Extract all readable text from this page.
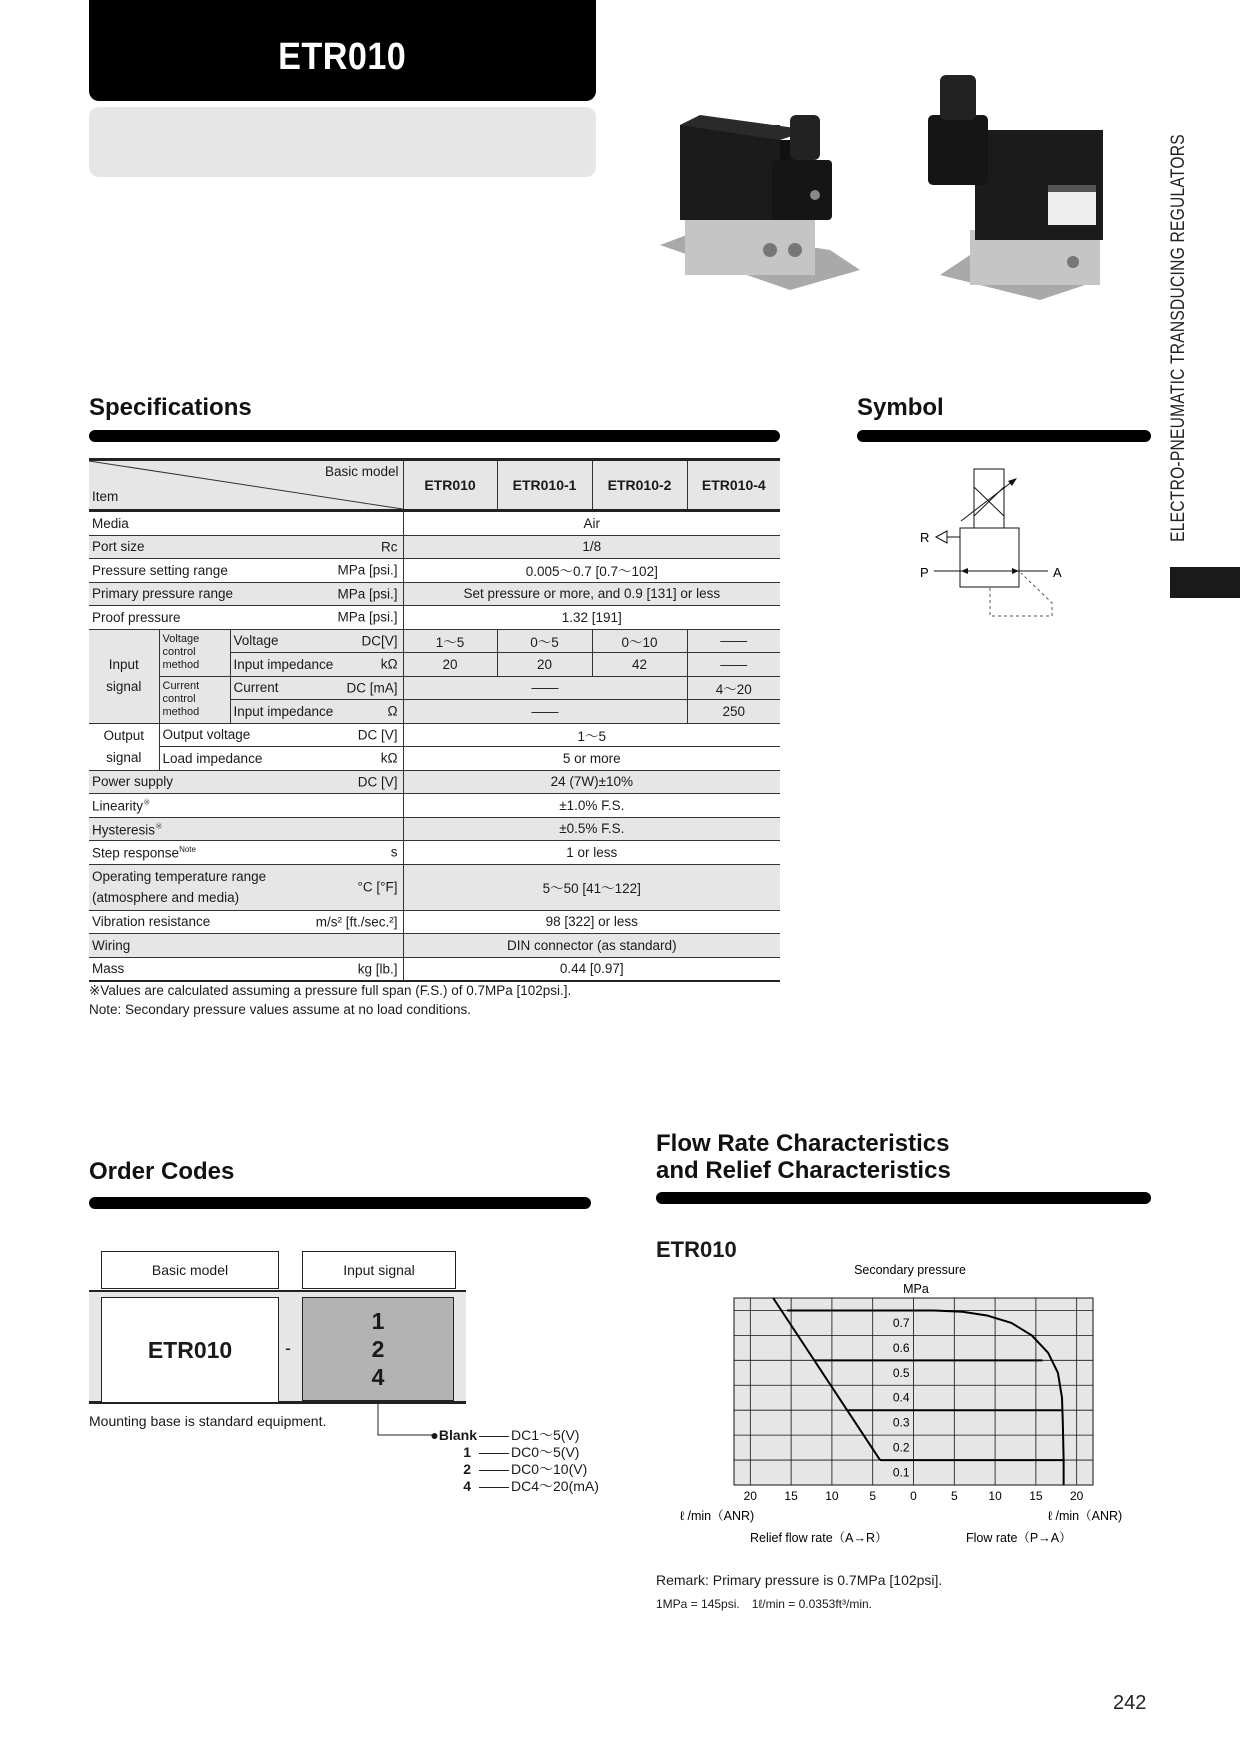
ETR010
ELECTRO-PNEUMATIC TRANSDUCING REGULATORS
Specifications
Basic model
Item			ETR010	ETR010-1	ETR010-2	ETR010-4
Media			Air			
Port size Rc			1/8			
Pressure setting range MPa [psi.]			0.005～0.7 [0.7～102]			
Primary pressure range MPa [psi.]			Set pressure or more, and 0.9 [131] or less			
Proof pressure MPa [psi.]			1.32 [191]			
Input signal	Voltage control method	Voltage DC[V]	1～5	0～5	0～10	――
		Input impedance kΩ	20	20	42	――
	Current control method	Current DC [mA]	――			4～20
		Input impedance Ω	――			250
Output signal	Output voltage DC [V]		1～5			
	Load impedance kΩ		5 or more			
Power supply DC [V]			24 (7W)±10%			
Linearity※			±1.0% F.S.			
Hysteresis※			±0.5% F.S.			
Step response$^{Note}$ s			1 or less			
Operating temperature range
(atmosphere and media)
°C [°F]			5～50 [41～122]			
Vibration resistance m/s² [ft./sec.²]			98 [322] or less			
Wiring			DIN connector (as standard)			
Mass kg [lb.]			0.44 [0.97]			
※Values are calculated assuming a pressure full span (F.S.) of 0.7MPa [102psi.].
Note: Secondary pressure values assume at no load conditions.
Symbol
R
P	A
Order Codes
Basic model	Input signal
ETR010	-
1
2
4
Mounting base is standard equipment.
●Blank DC1～5(V)
1	DC0～5(V)
2	DC0～10(V)
4	DC4～20(mA)
Flow Rate Characteristics
and Relief Characteristics
ETR010
Secondary pressure
MPa
0.7
0.6
0.5
0.4
0.3
0.2
0.1
20 15 10	5	0	5	10 15 20
ℓ /min（ANR)	ℓ /min（ANR)
Relief flow rate（A→R）	Flow rate（P→A）
Remark: Primary pressure is 0.7MPa [102psi].
1MPa = 145psi.　1ℓ/min = 0.0353ft³/min.
242
